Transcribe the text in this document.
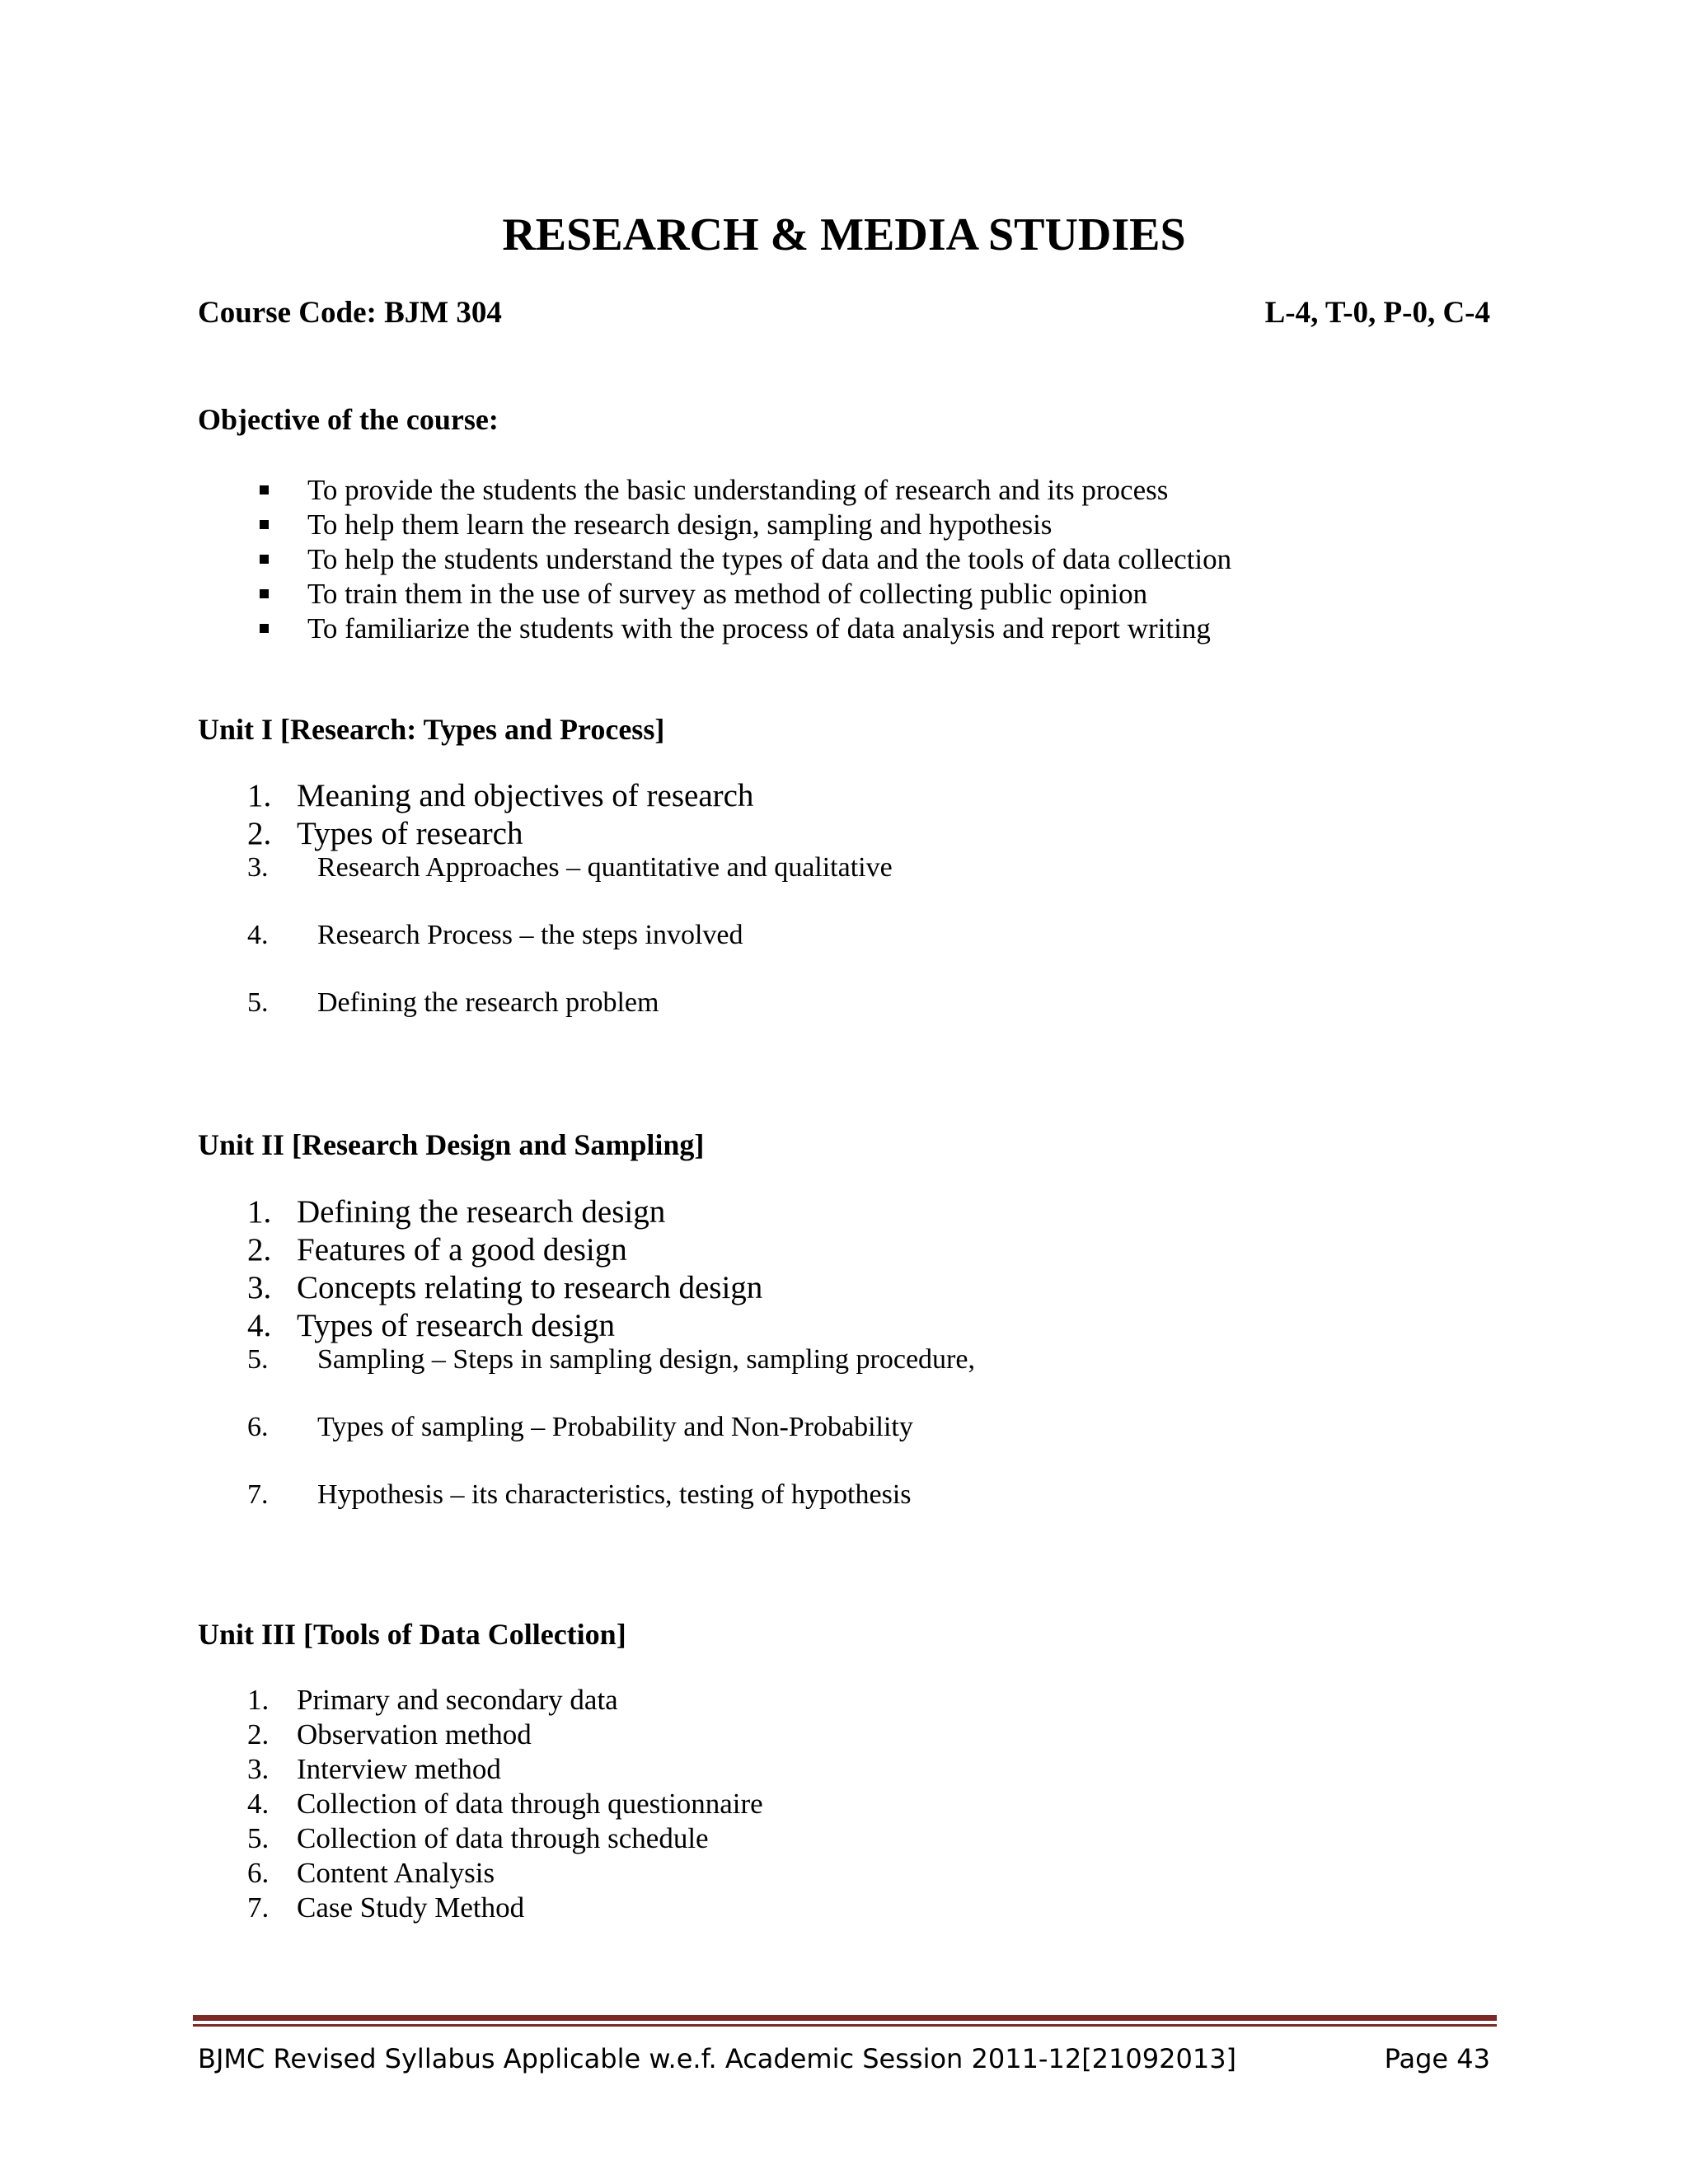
RESEARCH & MEDIA STUDIES
Course Code: BJM 304	L-4, T-0, P-0, C-4
Objective of the course:
To provide the students the basic understanding of research and its process
To help them learn the research design, sampling and hypothesis
To help the students understand the types of data and the tools of data collection
To train them in the use of survey as method of collecting public opinion
To familiarize the students with the process of data analysis and report writing
Unit I [Research: Types and Process]
1. Meaning and objectives of research
2. Types of research
3. Research Approaches – quantitative and qualitative
4. Research Process – the steps involved
5. Defining the research problem
Unit II [Research Design and Sampling]
1. Defining the research design
2. Features of a good design
3. Concepts relating to research design
4. Types of research design
5. Sampling – Steps in sampling design, sampling procedure,
6. Types of sampling – Probability and Non-Probability
7. Hypothesis – its characteristics, testing of hypothesis
Unit III [Tools of Data Collection]
1. Primary and secondary data
2. Observation method
3. Interview method
4. Collection of data through questionnaire
5. Collection of data through schedule
6. Content Analysis
7. Case Study Method
BJMC Revised Syllabus Applicable w.e.f. Academic Session 2011-12[21092013]	Page 43
